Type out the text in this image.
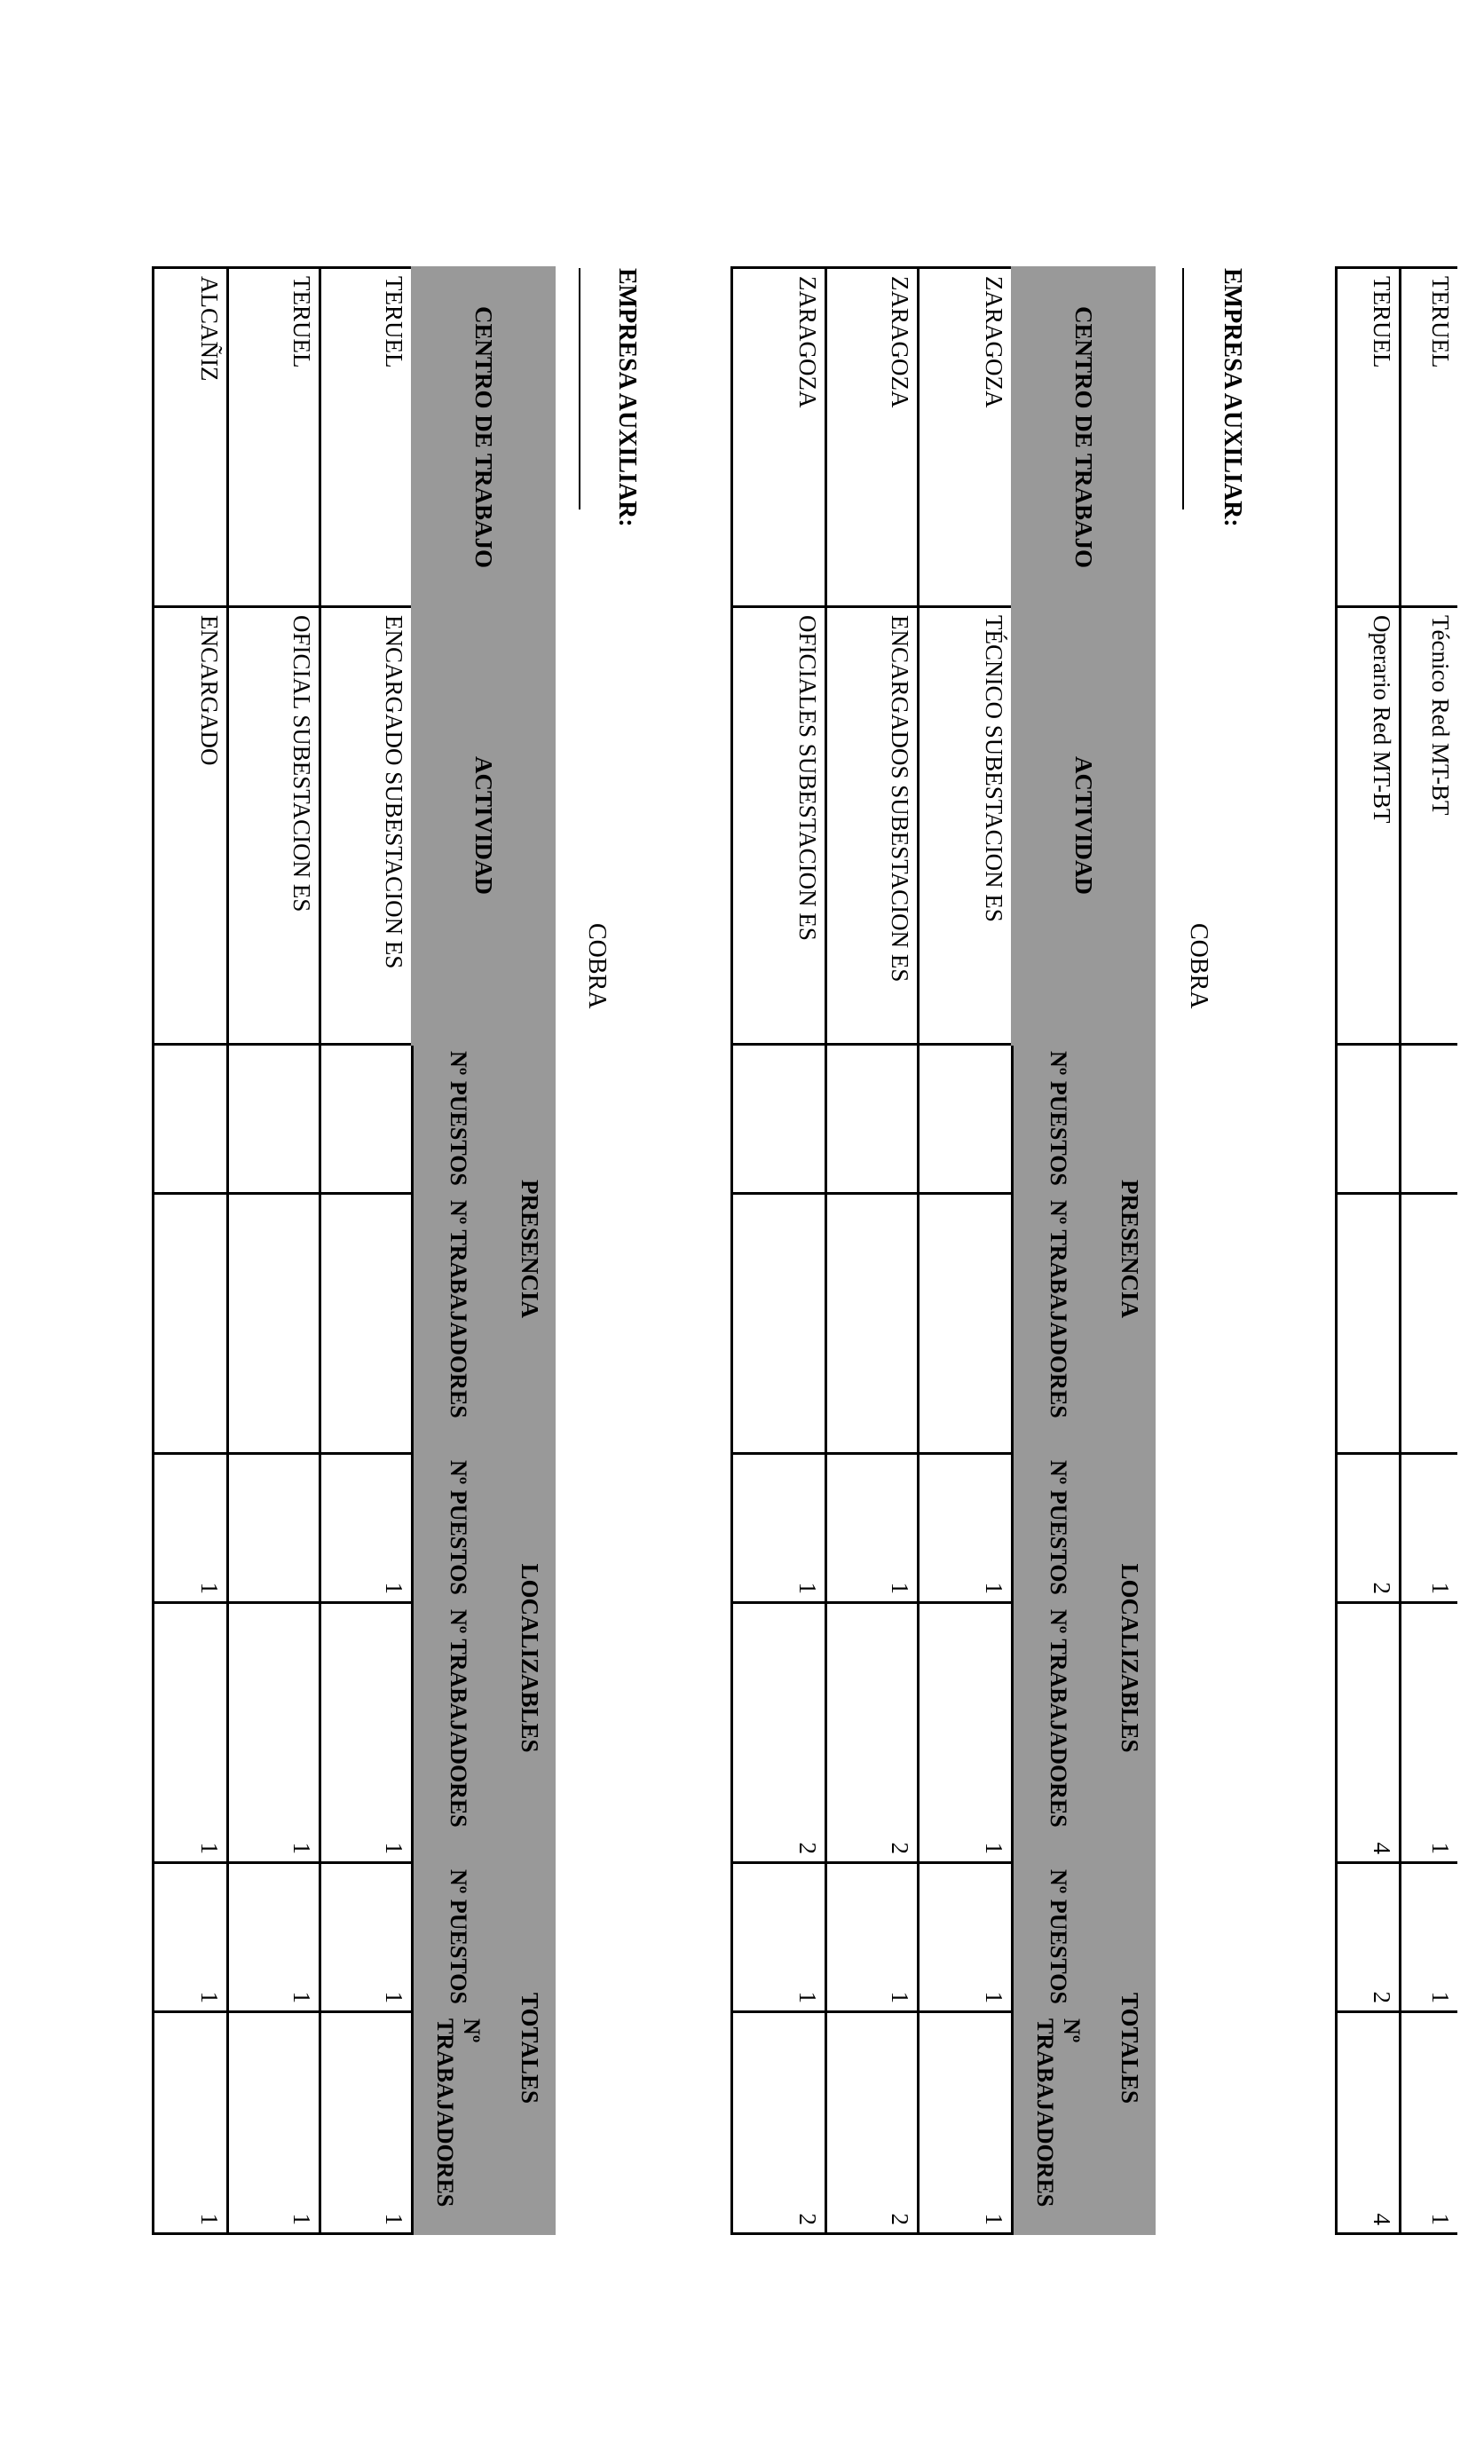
TERUEL	Técnico Red MT-BT			1	1	1	1
TERUEL	Operario Red MT-BT			2	4	2	4
EMPRESA AUXILIAR:
COBRA
CENTRO DE TRABAJO	ACTIVIDAD	PRESENCIA		LOCALIZABLES		TOTALES	
		Nº PUESTOS	Nº TRABAJADORES	Nº PUESTOS	Nº TRABAJADORES	Nº PUESTOS	Nº TRABAJADORES
ZARAGOZA	TÉCNICO SUBESTACION ES			1	1	1	1
ZARAGOZA	ENCARGADOS SUBESTACION ES			1	2	1	2
ZARAGOZA	OFICIALES SUBESTACION ES			1	2	1	2
EMPRESA AUXILIAR:
COBRA
CENTRO DE TRABAJO	ACTIVIDAD	PRESENCIA		LOCALIZABLES		TOTALES	
		Nº PUESTOS	Nº TRABAJADORES	Nº PUESTOS	Nº TRABAJADORES	Nº PUESTOS	Nº TRABAJADORES
TERUEL	ENCARGADO SUBESTACION ES			1	1	1	1
TERUEL	OFICIAL SUBESTACION ES				1	1	1
ALCAÑIZ	ENCARGADO			1	1	1	1
